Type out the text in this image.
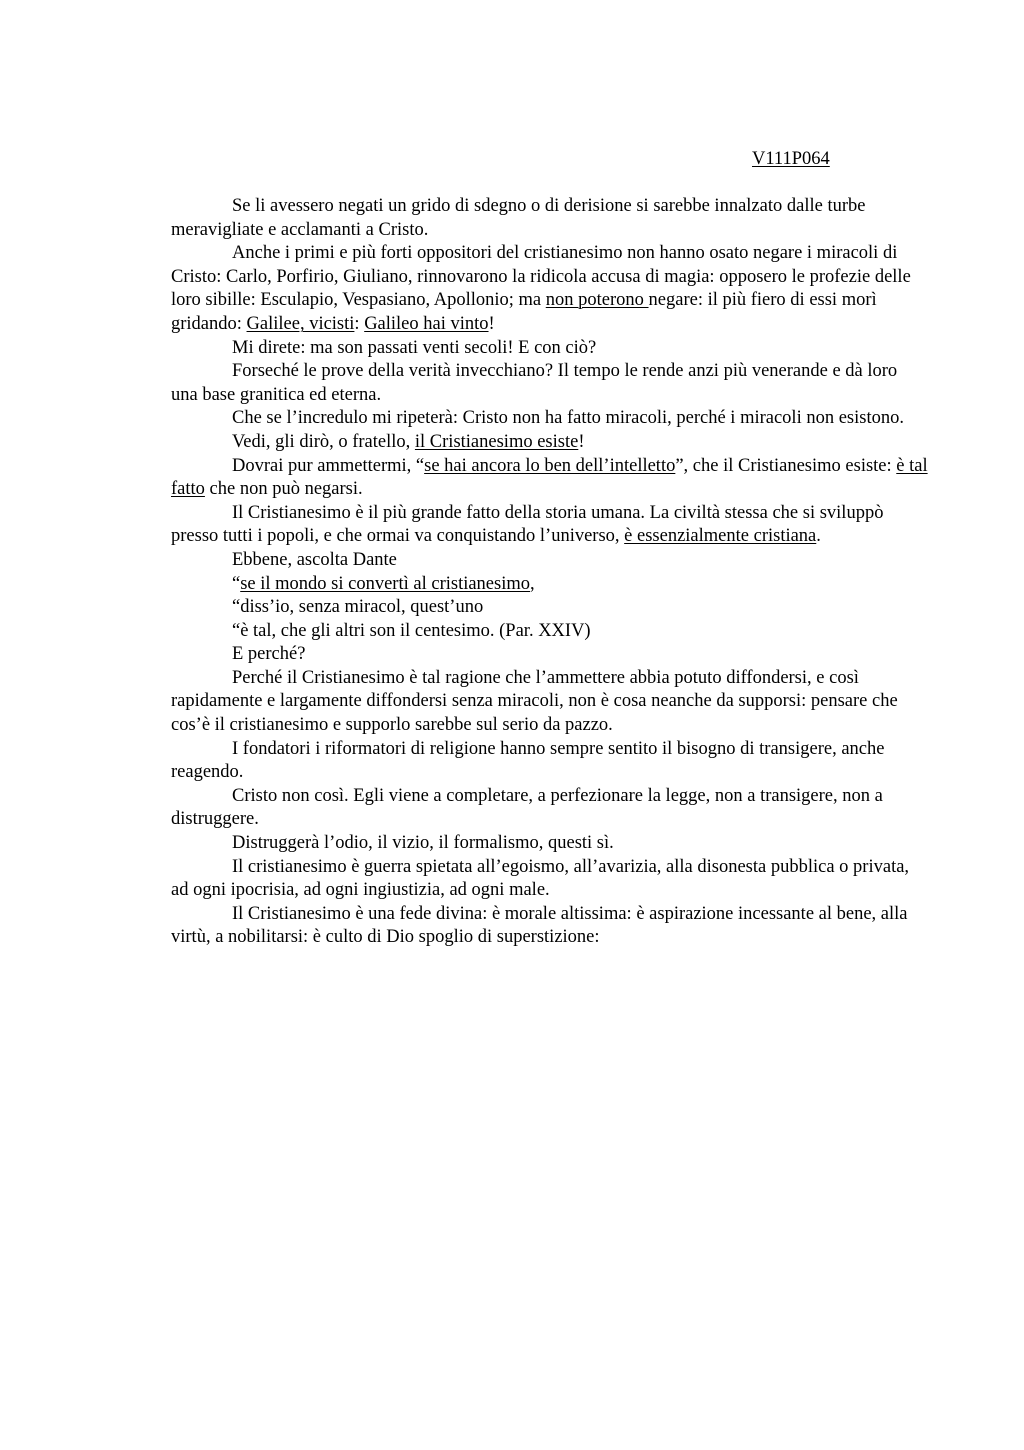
V111P064

Se li avessero negati un grido di sdegno o di derisione si sarebbe innalzato dalle turbe meravigliate e acclamanti a Cristo.

Anche i primi e più forti oppositori del cristianesimo non hanno osato negare i miracoli di Cristo: Carlo, Porfirio, Giuliano, rinnovarono la ridicola accusa di magia: opposero le profezie delle loro sibille: Esculapio, Vespasiano, Apollonio; ma non poterono negare: il più fiero di essi morì gridando: Galilee, vicisti: Galileo hai vinto!

Mi direte: ma son passati venti secoli! E con ciò?

Forseché le prove della verità invecchiano? Il tempo le rende anzi più venerande e dà loro una base granitica ed eterna.

Che se l’incredulo mi ripeterà: Cristo non ha fatto miracoli, perché i miracoli non esistono.

Vedi, gli dirò, o fratello, il Cristianesimo esiste!

Dovrai pur ammettermi, “se hai ancora lo ben dell’intelletto”, che il Cristianesimo esiste: è tal fatto che non può negarsi.

Il Cristianesimo è il più grande fatto della storia umana. La civiltà stessa che si sviluppò presso tutti i popoli, e che ormai va conquistando l’universo, è essenzialmente cristiana.

Ebbene, ascolta Dante

“se il mondo si convertì al cristianesimo,

“diss’io, senza miracol, quest’uno

“è tal, che gli altri son il centesimo. (Par. XXIV)

E perché?

Perché il Cristianesimo è tal ragione che l’ammettere abbia potuto diffondersi, e così rapidamente e largamente diffondersi senza miracoli, non è cosa neanche da supporsi: pensare che cos’è il cristianesimo e supporlo sarebbe sul serio da pazzo.

I fondatori i riformatori di religione hanno sempre sentito il bisogno di transigere, anche reagendo.

Cristo non così. Egli viene a completare, a perfezionare la legge, non a transigere, non a distruggere.

Distruggerà l’odio, il vizio, il formalismo, questi sì.

Il cristianesimo è guerra spietata all’egoismo, all’avarizia, alla disonesta pubblica o privata, ad ogni ipocrisia, ad ogni ingiustizia, ad ogni male.

Il Cristianesimo è una fede divina: è morale altissima: è aspirazione incessante al bene, alla virtù, a nobilitarsi: è culto di Dio spoglio di superstizione:
